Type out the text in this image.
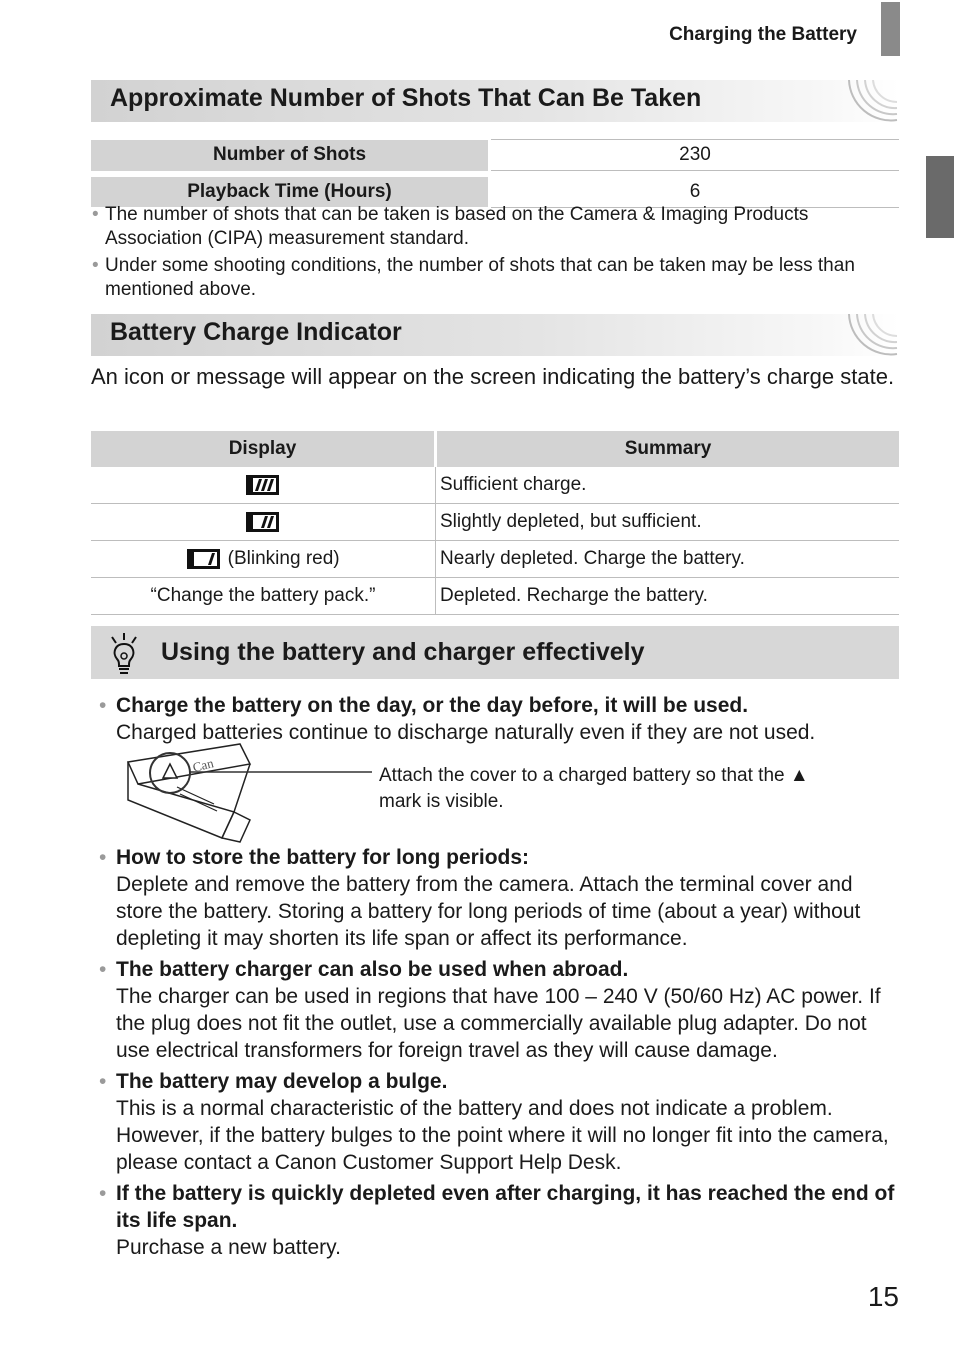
Charging the Battery
Approximate Number of Shots That Can Be Taken
Number of Shots		230

Playback Time (Hours)		6
• The number of shots that can be taken is based on the Camera & Imaging Products Association (CIPA) measurement standard.
• Under some shooting conditions, the number of shots that can be taken may be less than mentioned above.
Battery Charge Indicator
An icon or message will appear on the screen indicating the battery’s charge state.
Display	Summary
	Sufficient charge.
	Slightly depleted, but sufficient.
(Blinking red)	Nearly depleted. Charge the battery.
“Change the battery pack.”	Depleted. Recharge the battery.
Using the battery and charger effectively
• Charge the battery on the day, or the day before, it will be used.
Charged batteries continue to discharge naturally even if they are not used.
Can	Attach the cover to a charged battery so that the ▲ mark is visible.
• How to store the battery for long periods:
Deplete and remove the battery from the camera. Attach the terminal cover and store the battery. Storing a battery for long periods of time (about a year) without depleting it may shorten its life span or affect its performance.
• The battery charger can also be used when abroad.
The charger can be used in regions that have 100 – 240 V (50/60 Hz) AC power. If the plug does not fit the outlet, use a commercially available plug adapter. Do not use electrical transformers for foreign travel as they will cause damage.
• The battery may develop a bulge.
This is a normal characteristic of the battery and does not indicate a problem. However, if the battery bulges to the point where it will no longer fit into the camera, please contact a Canon Customer Support Help Desk.
• If the battery is quickly depleted even after charging, it has reached the end of its life span.
Purchase a new battery.
15
